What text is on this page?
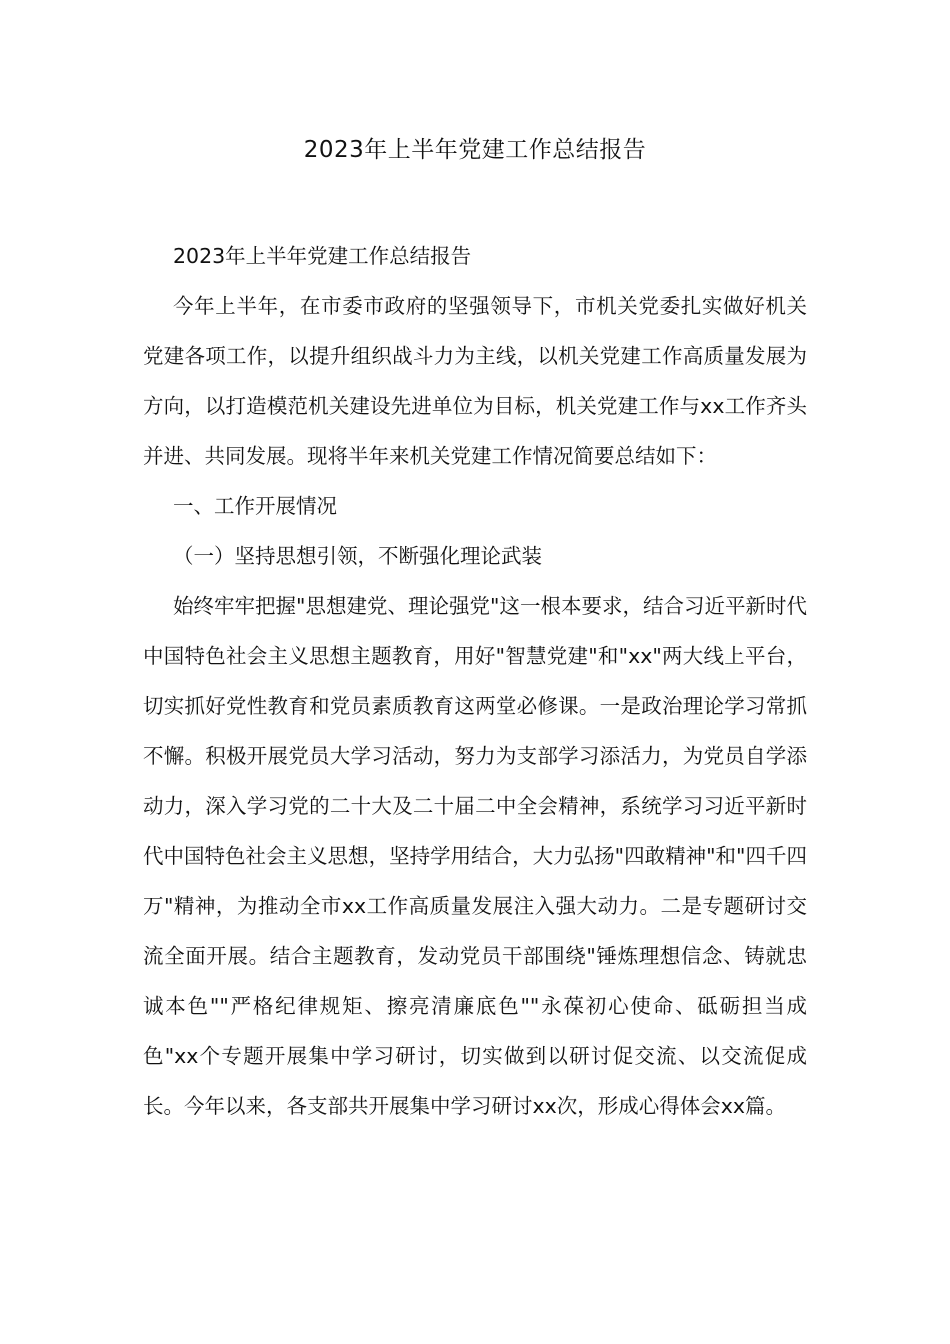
2023年上半年党建工作总结报告

2023年上半年党建工作总结报告

今年上半年，在市委市政府的坚强领导下，市机关党委扎实做好机关党建各项工作，以提升组织战斗力为主线，以机关党建工作高质量发展为方向，以打造模范机关建设先进单位为目标，机关党建工作与xx工作齐头并进、共同发展。现将半年来机关党建工作情况简要总结如下：

一、工作开展情况

（一）坚持思想引领，不断强化理论武装

始终牢牢把握"思想建党、理论强党"这一根本要求，结合习近平新时代中国特色社会主义思想主题教育，用好"智慧党建"和"xx"两大线上平台，切实抓好党性教育和党员素质教育这两堂必修课。一是政治理论学习常抓不懈。积极开展党员大学习活动，努力为支部学习添活力，为党员自学添动力，深入学习党的二十大及二十届二中全会精神，系统学习习近平新时代中国特色社会主义思想，坚持学用结合，大力弘扬"四敢精神"和"四千四万"精神，为推动全市xx工作高质量发展注入强大动力。二是专题研讨交流全面开展。结合主题教育，发动党员干部围绕"锤炼理想信念、铸就忠诚本色""严格纪律规矩、擦亮清廉底色""永葆初心使命、砥砺担当成色"xx个专题开展集中学习研讨，切实做到以研讨促交流、以交流促成长。今年以来，各支部共开展集中学习研讨xx次，形成心得体会xx篇。
